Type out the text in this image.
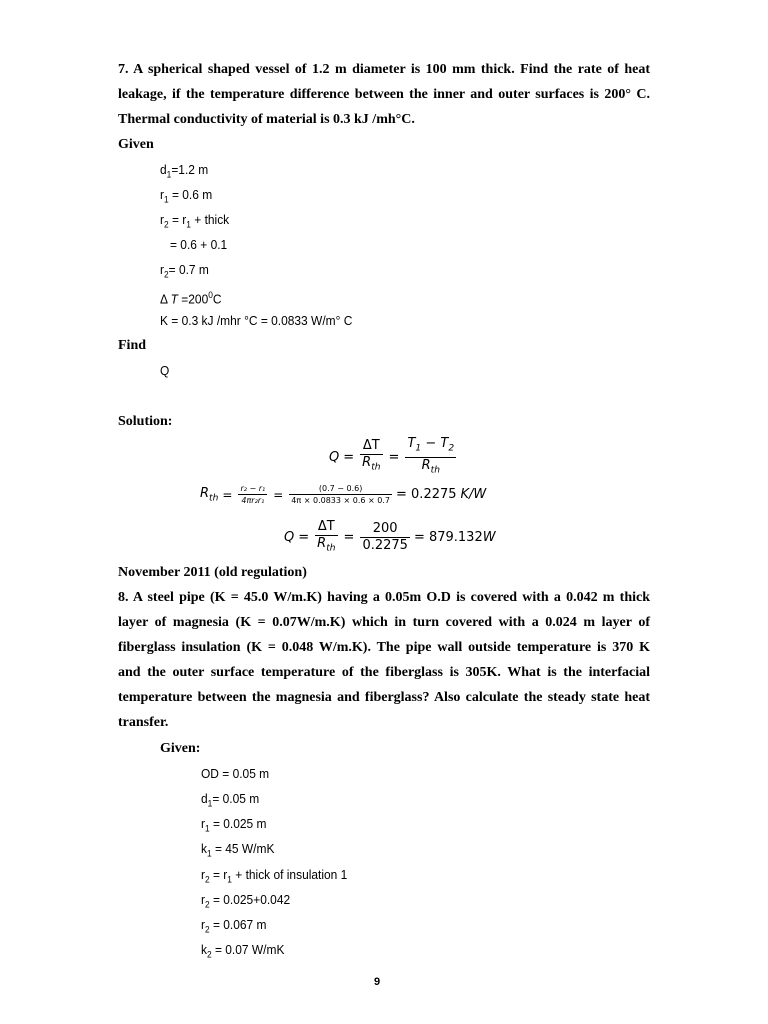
7. A spherical shaped vessel of 1.2 m diameter is 100 mm thick. Find the rate of heat
leakage, if the temperature difference between the inner and outer surfaces is 200° C.
Thermal conductivity of material is 0.3 kJ /mh°C.
Given
$d_1=1.2$ m
$r_1 = 0.6$ m
$r_2 = r_1$ + thick
= 0.6 + 0.1
$r_2= 0.7$ m
Δ $T =200^0C$
K = 0.3 kJ /mhr °C = 0.0833 W/m° C
Find
Q
Solution:
$Q = \frac{\Delta T}{R_{th}} = \frac{T_1 - T_2}{R_{th}}$
$R_{th} = \frac{\text{r₂ − r₁}}{\text{4πr₂r₁}} = \frac{(0.7 - 0.6)}{4\pi \times 0.0833 \times 0.6 \times 0.7} = 0.2275$ K/W
$Q = \frac{\Delta T}{R_{th}} = \frac{200}{0.2275} = 879.132$ W
November 2011 (old regulation)
8. A steel pipe (K = 45.0 W/m.K) having a 0.05m O.D is covered with a 0.042 m thick
layer of magnesia (K = 0.07W/m.K) which in turn covered with a 0.024 m layer of
fiberglass insulation (K = 0.048 W/m.K). The pipe wall outside temperature is 370 K
and the outer surface temperature of the fiberglass is 305K. What is the interfacial
temperature between the magnesia and fiberglass? Also calculate the steady state heat
transfer.
Given:
OD = 0.05 m
$d_1= 0.05$ m
$r_1 = 0.025$ m
$k_1 = 45$ W/mK
$r_2 = r_1$ + thick of insulation 1
$r_2 = 0.025+0.042$
$r_2 = 0.067$ m
$k_2 = 0.07$ W/mK
9
